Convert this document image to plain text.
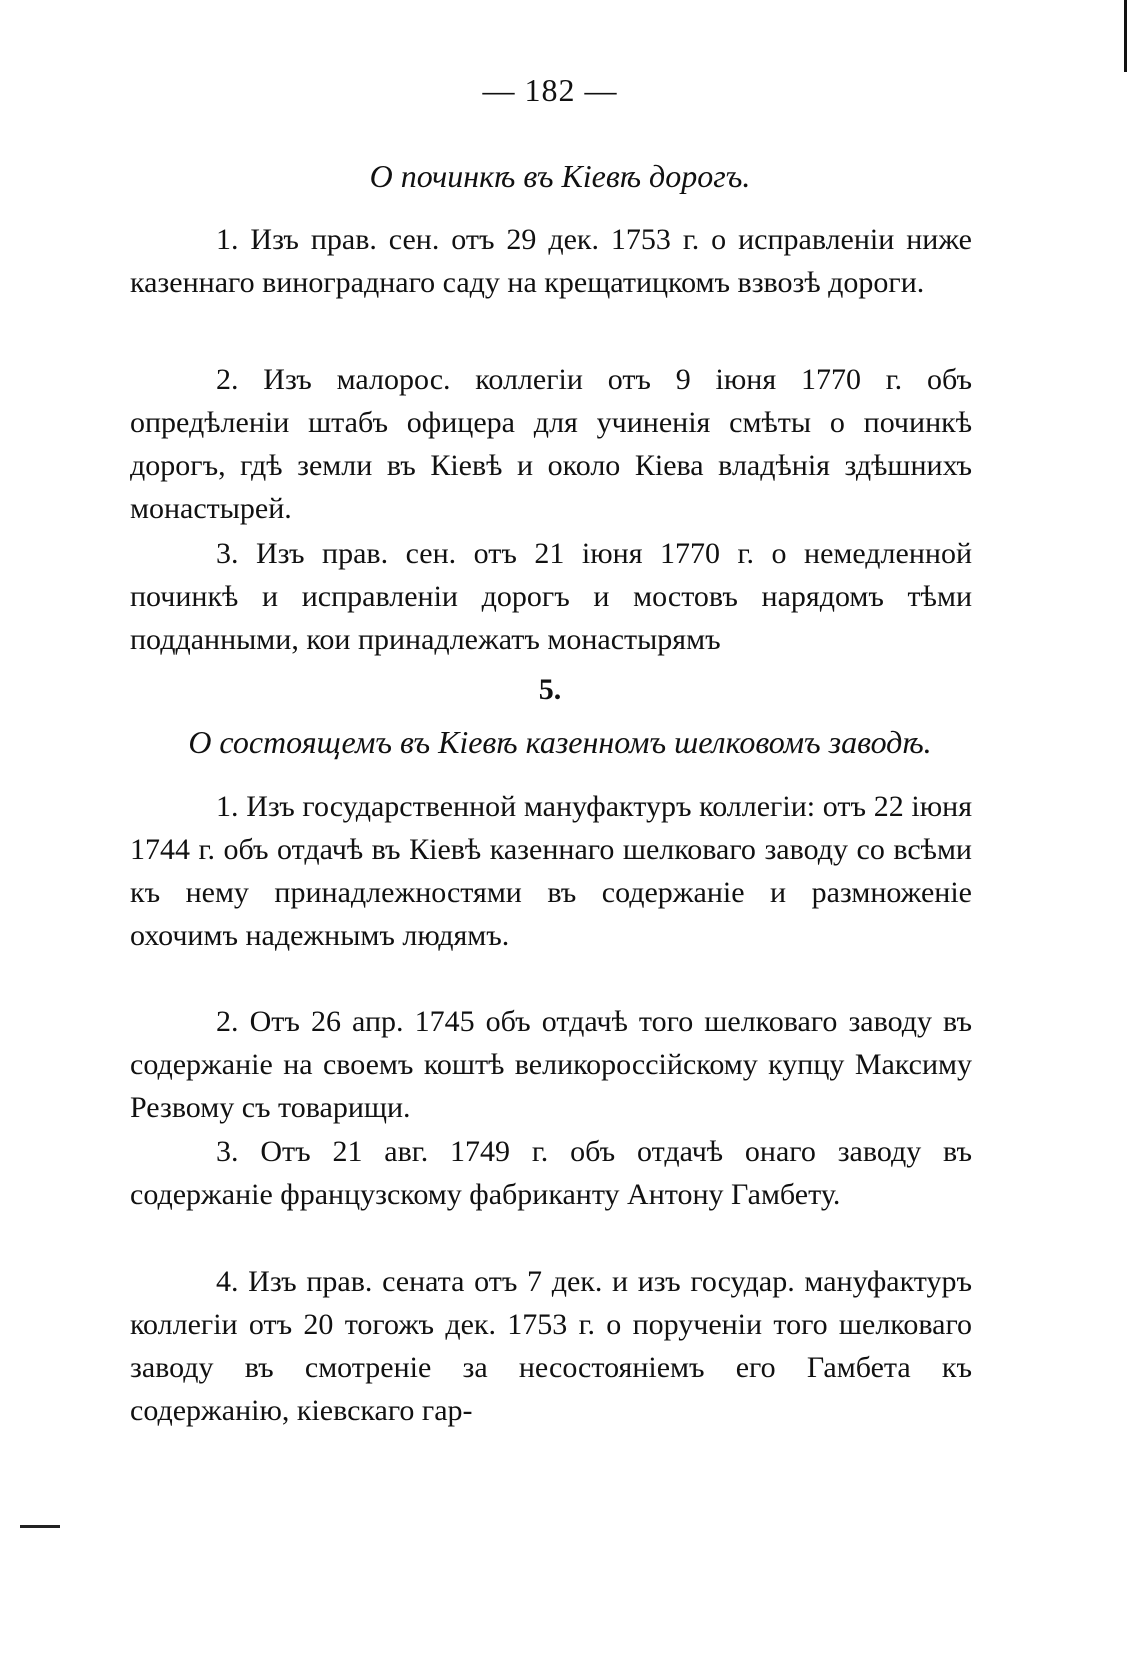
— 182 —
О починкѣ въ Кіевѣ дорогъ.

1. Изъ прав. сен. отъ 29 дек. 1753 г. о исправленіи ниже казеннаго винограднаго саду на крещатицкомъ взвозѣ дороги.

2. Изъ малорос. коллегіи отъ 9 іюня 1770 г. объ опредѣленіи штабъ офицера для учиненія смѣты о починкѣ дорогъ, гдѣ земли въ Кіевѣ и около Кіева владѣнія здѣшнихъ монастырей.

3. Изъ прав. сен. отъ 21 іюня 1770 г. о немедленной починкѣ и исправленіи дорогъ и мостовъ нарядомъ тѣми подданными, кои принадлежатъ монастырямъ

5.
О состоящемъ въ Кіевѣ казенномъ шелковомъ заводѣ.

1. Изъ государственной мануфактуръ коллегіи: отъ 22 іюня 1744 г. объ отдачѣ въ Кіевѣ казеннаго шелковаго заводу со всѣми къ нему принадлежностями въ содержаніе и размноженіе охочимъ надежнымъ людямъ.

2. Отъ 26 апр. 1745 объ отдачѣ того шелковаго заводу въ содержаніе на своемъ коштѣ великороссійскому купцу Максиму Резвому съ товарищи.

3. Отъ 21 авг. 1749 г. объ отдачѣ онаго заводу въ содержаніе французскому фабриканту Антону Гамбету.

4. Изъ прав. сената отъ 7 дек. и изъ государ. мануфактуръ коллегіи отъ 20 тогожъ дек. 1753 г. о порученіи того шелковаго заводу въ смотреніе за несостояніемъ его Гамбета къ содержанію, кіевскаго гар-
